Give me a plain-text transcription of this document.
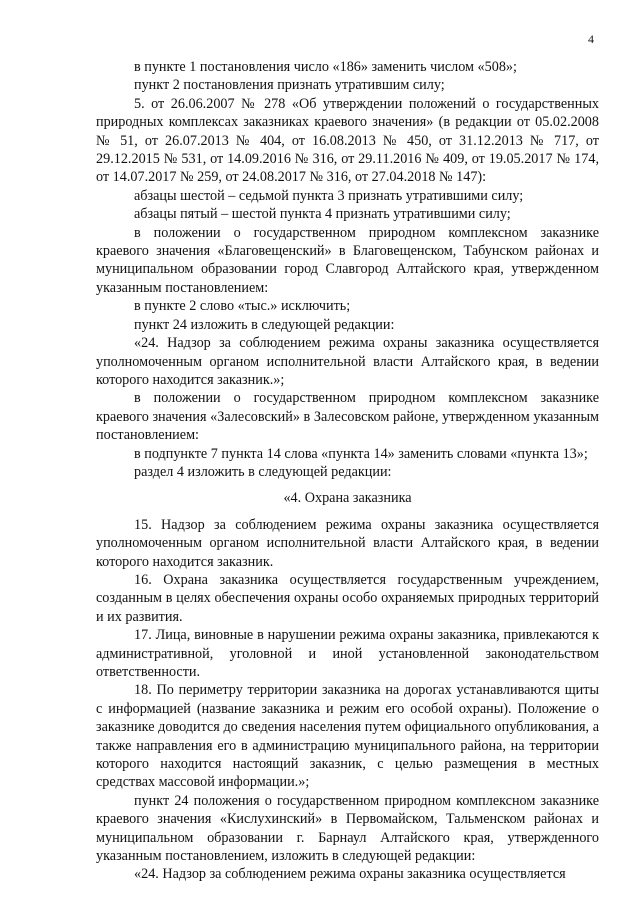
4

в пункте 1 постановления число «186» заменить числом «508»;

пункт 2 постановления признать утратившим силу;

5. от 26.06.2007 № 278 «Об утверждении положений о государственных природных комплексах заказниках краевого значения» (в редакции от 05.02.2008 № 51, от 26.07.2013 № 404, от 16.08.2013 № 450, от 31.12.2013 № 717, от 29.12.2015 № 531, от 14.09.2016 № 316, от 29.11.2016 № 409, от 19.05.2017 № 174, от 14.07.2017 № 259, от 24.08.2017 № 316, от 27.04.2018 № 147):

абзацы шестой – седьмой пункта 3 признать утратившими силу;

абзацы пятый – шестой пункта 4 признать утратившими силу;

в положении о государственном природном комплексном заказнике краевого значения «Благовещенский» в Благовещенском, Табунском районах и муниципальном образовании город Славгород Алтайского края, утвержденном указанным постановлением:

в пункте 2 слово «тыс.» исключить;

пункт 24 изложить в следующей редакции:

«24. Надзор за соблюдением режима охраны заказника осуществляется уполномоченным органом исполнительной власти Алтайского края, в ведении которого находится заказник.»;

в положении о государственном природном комплексном заказнике краевого значения «Залесовский» в Залесовском районе, утвержденном указанным постановлением:

в подпункте 7 пункта 14 слова «пункта 14» заменить словами «пункта 13»;

раздел 4 изложить в следующей редакции:

«4. Охрана заказника

15. Надзор за соблюдением режима охраны заказника осуществляется уполномоченным органом исполнительной власти Алтайского края, в ведении которого находится заказник.

16. Охрана заказника осуществляется государственным учреждением, созданным в целях обеспечения охраны особо охраняемых природных территорий и их развития.

17. Лица, виновные в нарушении режима охраны заказника, привлекаются к административной, уголовной и иной установленной законодательством ответственности.

18. По периметру территории заказника на дорогах устанавливаются щиты с информацией (название заказника и режим его особой охраны). Положение о заказнике доводится до сведения населения путем официального опубликования, а также направления его в администрацию муниципального района, на территории которого находится настоящий заказник, с целью размещения в местных средствах массовой информации.»;

пункт 24 положения о государственном природном комплексном заказнике краевого значения «Кислухинский» в Первомайском, Тальменском районах и муниципальном образовании г. Барнаул Алтайского края, утвержденного указанным постановлением, изложить в следующей редакции:

«24. Надзор за соблюдением режима охраны заказника осуществляется
